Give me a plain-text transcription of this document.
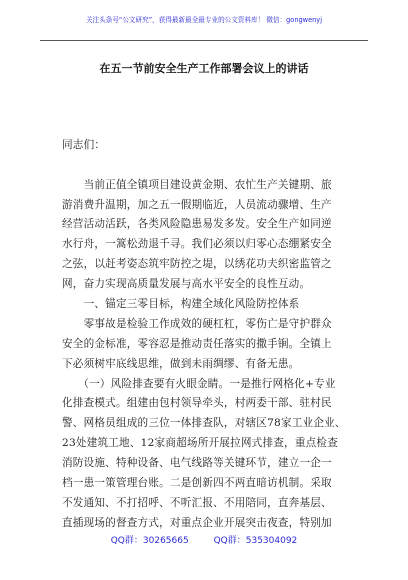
关注头条号“公文研究”，获得最新最全最专业的公文资料库！ 微信：gongwenyj
在五一节前安全生产工作部署会议上的讲话
同志们：
　　当前正值全镇项目建设黄金期、农忙生产关键期、旅
游消费升温期，加之五一假期临近，人员流动骤增、生产
经营活动活跃，各类风险隐患易发多发。安全生产如同逆
水行舟，一篙松劲退千寻。我们必须以归零心态绷紧安全
之弦，以赶考姿态筑牢防控之堤，以绣花功夫织密监管之
网，奋力实现高质量发展与高水平安全的良性互动。
　　一、锚定三零目标，构建全域化风险防控体系
　　零事故是检验工作成效的硬杠杠，零伤亡是守护群众
安全的金标准，零容忍是推动责任落实的撒手锏。全镇上
下必须树牢底线思维，做到未雨绸缪、有备无患。
　　（一）风险排查要有火眼金睛。一是推行网格化+专业
化排查模式。组建由包村领导牵头，村两委干部、驻村民
警、网格员组成的三位一体排查队，对辖区78家工业企业、
23处建筑工地、12家商超场所开展拉网式排查，重点检查
消防设施、特种设备、电气线路等关键环节，建立一企一
档一患一策管理台账。二是创新四不两直暗访机制。采取
不发通知、不打招呼、不听汇报、不用陪同，直奔基层、
直插现场的督查方式，对重点企业开展突击夜查，特别加
QQ群：30265665	QQ群：535304092
